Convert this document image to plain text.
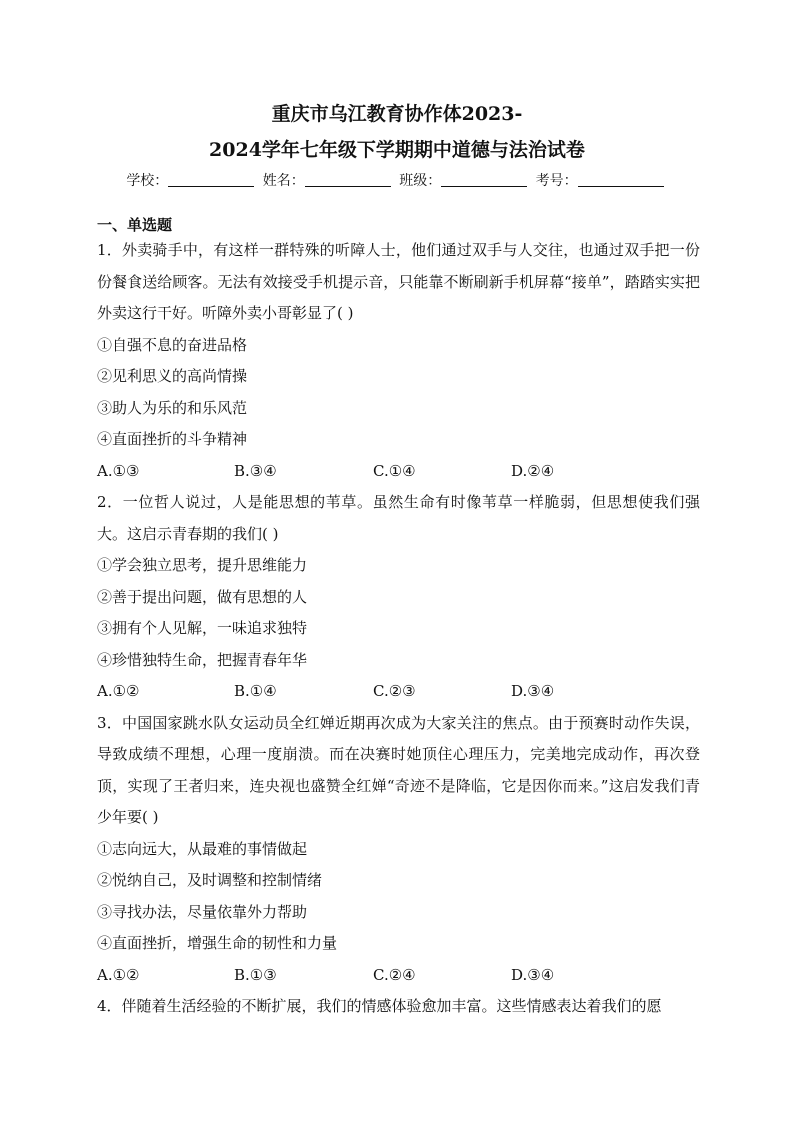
重庆市乌江教育协作体2023-
2024学年七年级下学期期中道德与法治试卷
学校：	姓名：	班级：	考号：
一、单选题

1．外卖骑手中，有这样一群特殊的听障人士，他们通过双手与人交往，也通过双手把一份份餐食送给顾客。无法有效接受手机提示音，只能靠不断刷新手机屏幕“接单”，踏踏实实把外卖这行干好。听障外卖小哥彰显了( )

①自强不息的奋进品格

②见利思义的高尚情操

③助人为乐的和乐风范

④直面挫折的斗争精神

A.①③	B.③④	C.①④	D.②④

2．一位哲人说过，人是能思想的苇草。虽然生命有时像苇草一样脆弱，但思想使我们强大。这启示青春期的我们( )

①学会独立思考，提升思维能力

②善于提出问题，做有思想的人

③拥有个人见解，一味追求独特

④珍惜独特生命，把握青春年华

A.①②	B.①④	C.②③	D.③④

3．中国国家跳水队女运动员全红婵近期再次成为大家关注的焦点。由于预赛时动作失误，导致成绩不理想，心理一度崩溃。而在决赛时她顶住心理压力，完美地完成动作，再次登顶，实现了王者归来，连央视也盛赞全红婵“奇迹不是降临，它是因你而来。”这启发我们青少年要( )

①志向远大，从最难的事情做起

②悦纳自己，及时调整和控制情绪

③寻找办法，尽量依靠外力帮助

④直面挫折，增强生命的韧性和力量

A.①②	B.①③	C.②④	D.③④

4．伴随着生活经验的不断扩展，我们的情感体验愈加丰富。这些情感表达着我们的愿
